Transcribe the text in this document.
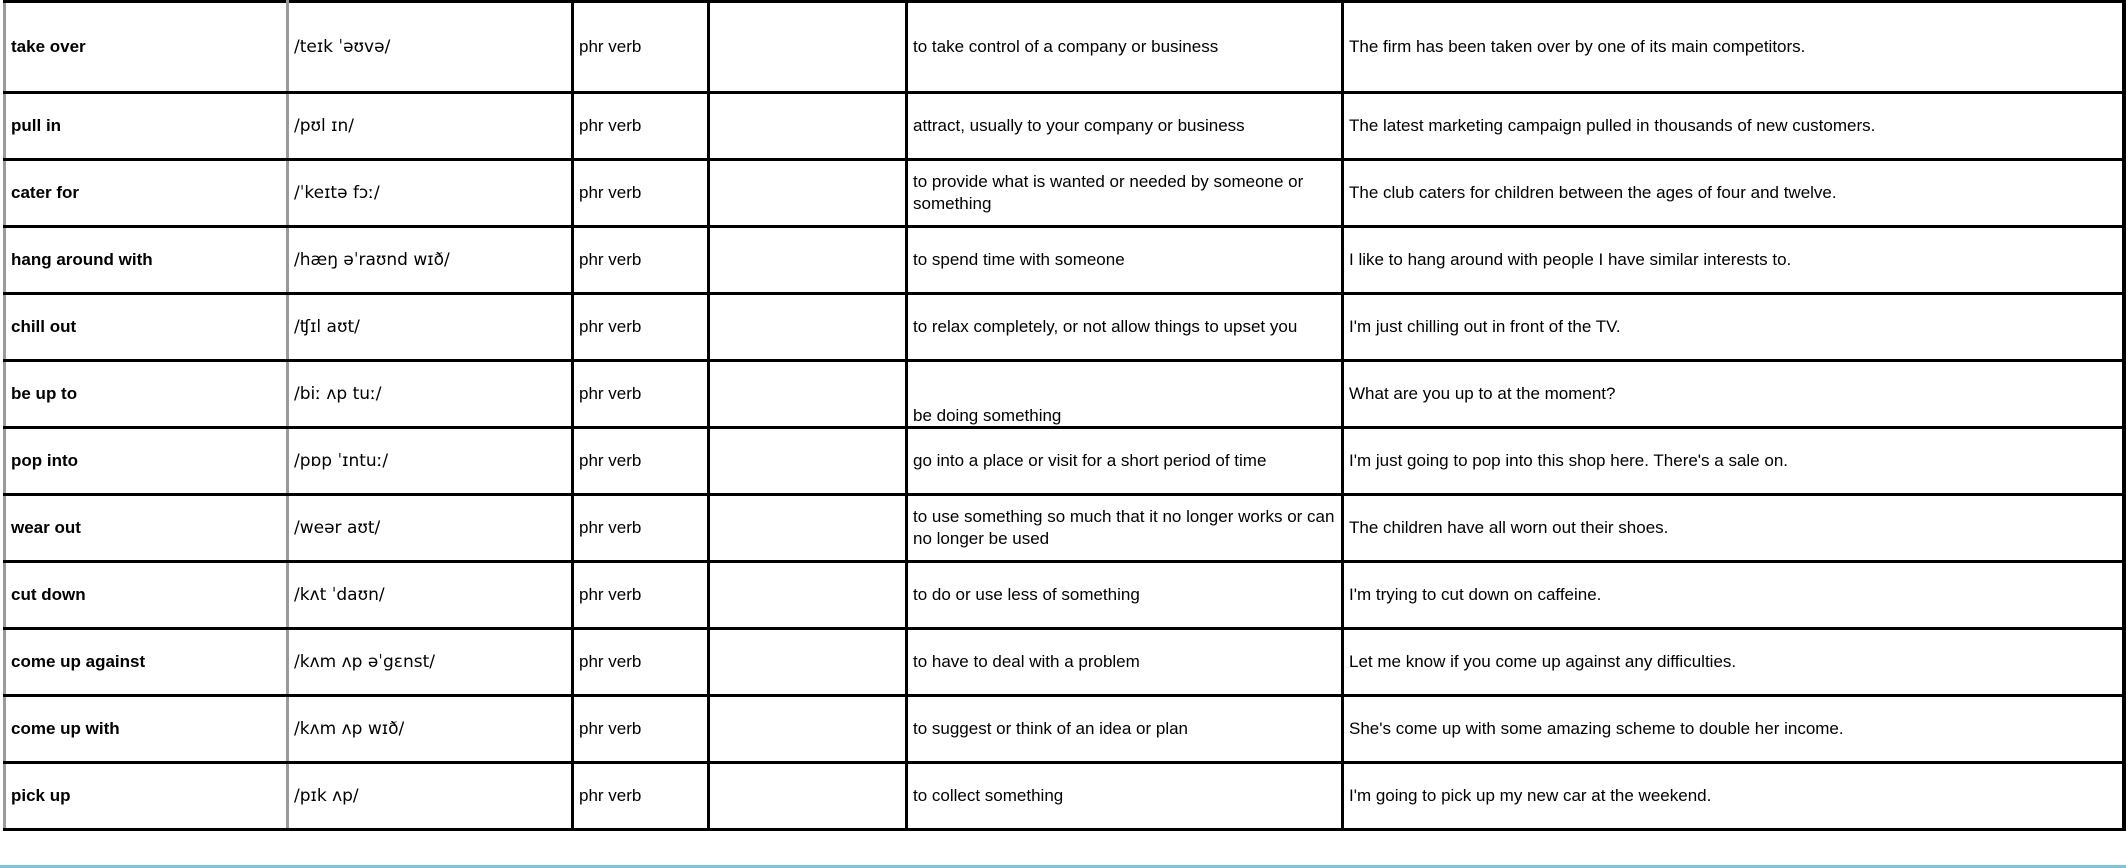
take over	/teɪk ˈəʊvə/	phr verb		to take control of a company or business	The firm has been taken over by one of its main competitors.
pull in	/pʊl ɪn/	phr verb		attract, usually to your company or business	The latest marketing campaign pulled in thousands of new customers.
cater for	/ˈkeɪtə fɔː/	phr verb		to provide what is wanted or needed by someone or something	The club caters for children between the ages of four and twelve.
hang around with	/hæŋ əˈraʊnd wɪð/	phr verb		to spend time with someone	I like to hang around with people I have similar interests to.
chill out	/ʧɪl aʊt/	phr verb		to relax completely, or not allow things to upset you	I'm just chilling out in front of the TV.
be up to	/biː ʌp tuː/	phr verb		be doing something	What are you up to at the moment?
pop into	/pɒp ˈɪntuː/	phr verb		go into a place or visit for a short period of time	I'm just going to pop into this shop here. There's a sale on.
wear out	/weər aʊt/	phr verb		to use something so much that it no longer works or can no longer be used	The children have all worn out their shoes.
cut down	/kʌt ˈdaʊn/	phr verb		to do or use less of something	I'm trying to cut down on caffeine.
come up against	/kʌm ʌp əˈgɛnst/	phr verb		to have to deal with a problem	Let me know if you come up against any difficulties.
come up with	/kʌm ʌp wɪð/	phr verb		to suggest or think of an idea or plan	She's come up with some amazing scheme to double her income.
pick up	/pɪk ʌp/	phr verb		to collect something	I'm going to pick up my new car at the weekend.
